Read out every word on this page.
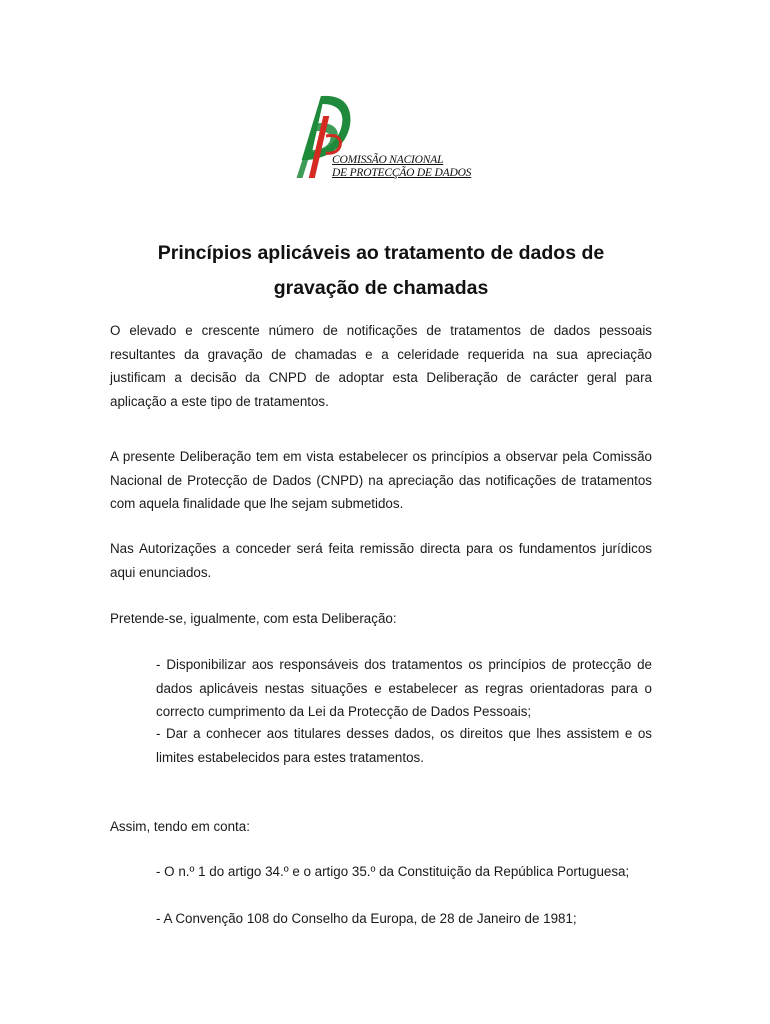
COMISSÃO NACIONAL
DE PROTECÇÃO DE DADOS
Princípios aplicáveis ao tratamento de dados de
gravação de chamadas

O elevado e crescente número de notificações de tratamentos de dados pessoais resultantes da gravação de chamadas e a celeridade requerida na sua apreciação justificam a decisão da CNPD de adoptar esta Deliberação de carácter geral para aplicação a este tipo de tratamentos.

A presente Deliberação tem em vista estabelecer os princípios a observar pela Comissão Nacional de Protecção de Dados (CNPD) na apreciação das notificações de tratamentos com aquela finalidade que lhe sejam submetidos.

Nas Autorizações a conceder será feita remissão directa para os fundamentos jurídicos aqui enunciados.

Pretende-se, igualmente, com esta Deliberação:

- Disponibilizar aos responsáveis dos tratamentos os princípios de protecção de dados aplicáveis nestas situações e estabelecer as regras orientadoras para o correcto cumprimento da Lei da Protecção de Dados Pessoais;

- Dar a conhecer aos titulares desses dados, os direitos que lhes assistem e os limites estabelecidos para estes tratamentos.

Assim, tendo em conta:

- O n.º 1 do artigo 34.º e o artigo 35.º da Constituição da República Portuguesa;

- A Convenção 108 do Conselho da Europa, de 28 de Janeiro de 1981;
